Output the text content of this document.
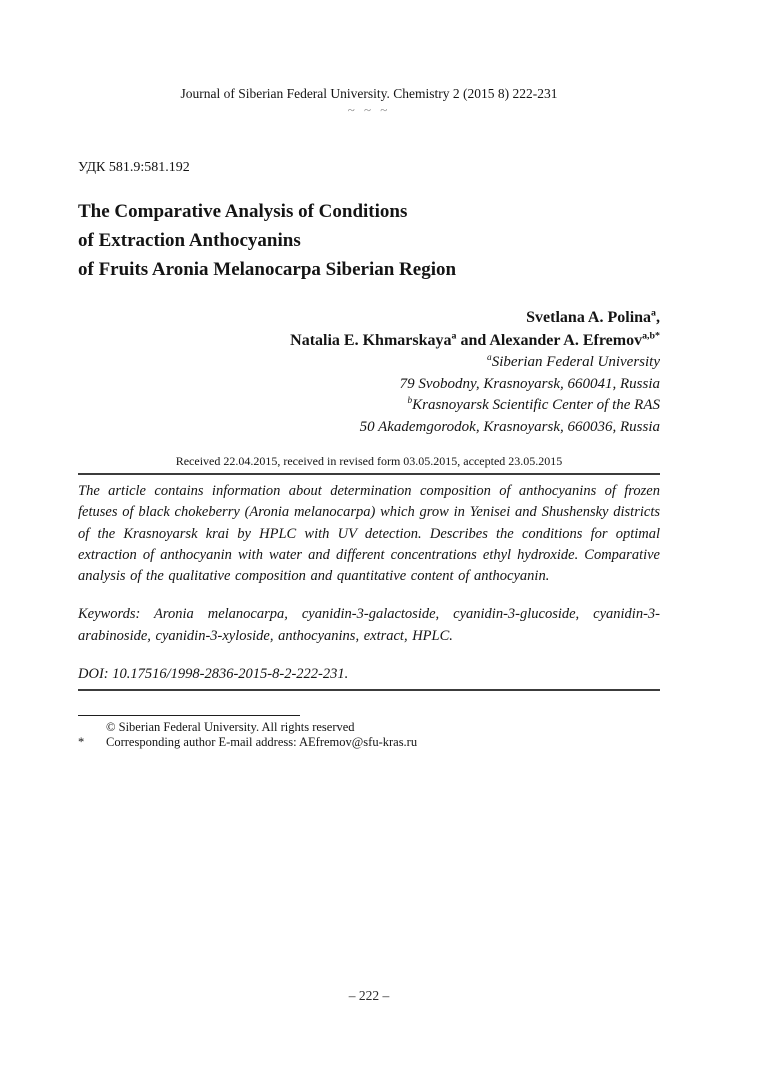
Journal of Siberian Federal University. Chemistry 2 (2015 8) 222-231
~ ~ ~
УДК 581.9:581.192
The Comparative Analysis of Conditions
of Extraction Anthocyanins
of Fruits Aronia Melanocarpa Siberian Region
Svetlana A. Polina$^a$,
Natalia E. Khmarskaya$^a$ and Alexander A. Efremov$^{a,b*}$
$^a$Siberian Federal University
79 Svobodny, Krasnoyarsk, 660041, Russia
$^b$Krasnoyarsk Scientific Center of the RAS
50 Akademgorodok, Krasnoyarsk, 660036, Russia
Received 22.04.2015, received in revised form 03.05.2015, accepted 23.05.2015

The article contains information about determination composition of anthocyanins of frozen fetuses of black chokeberry (Aronia melanocarpa) which grow in Yenisei and Shushensky districts of the Krasnoyarsk krai by HPLC with UV detection. Describes the conditions for optimal extraction of anthocyanin with water and different concentrations ethyl hydroxide. Comparative analysis of the qualitative composition and quantitative content of anthocyanin.

Keywords: Aronia melanocarpa, cyanidin-3-galactoside, cyanidin-3-glucoside, cyanidin-3-arabinoside, cyanidin-3-xyloside, anthocyanins, extract, HPLC.

DOI: 10.17516/1998-2836-2015-8-2-222-231.

© Siberian Federal University. All rights reserved
*	Corresponding author E-mail address: AEfremov@sfu-kras.ru
– 222 –
